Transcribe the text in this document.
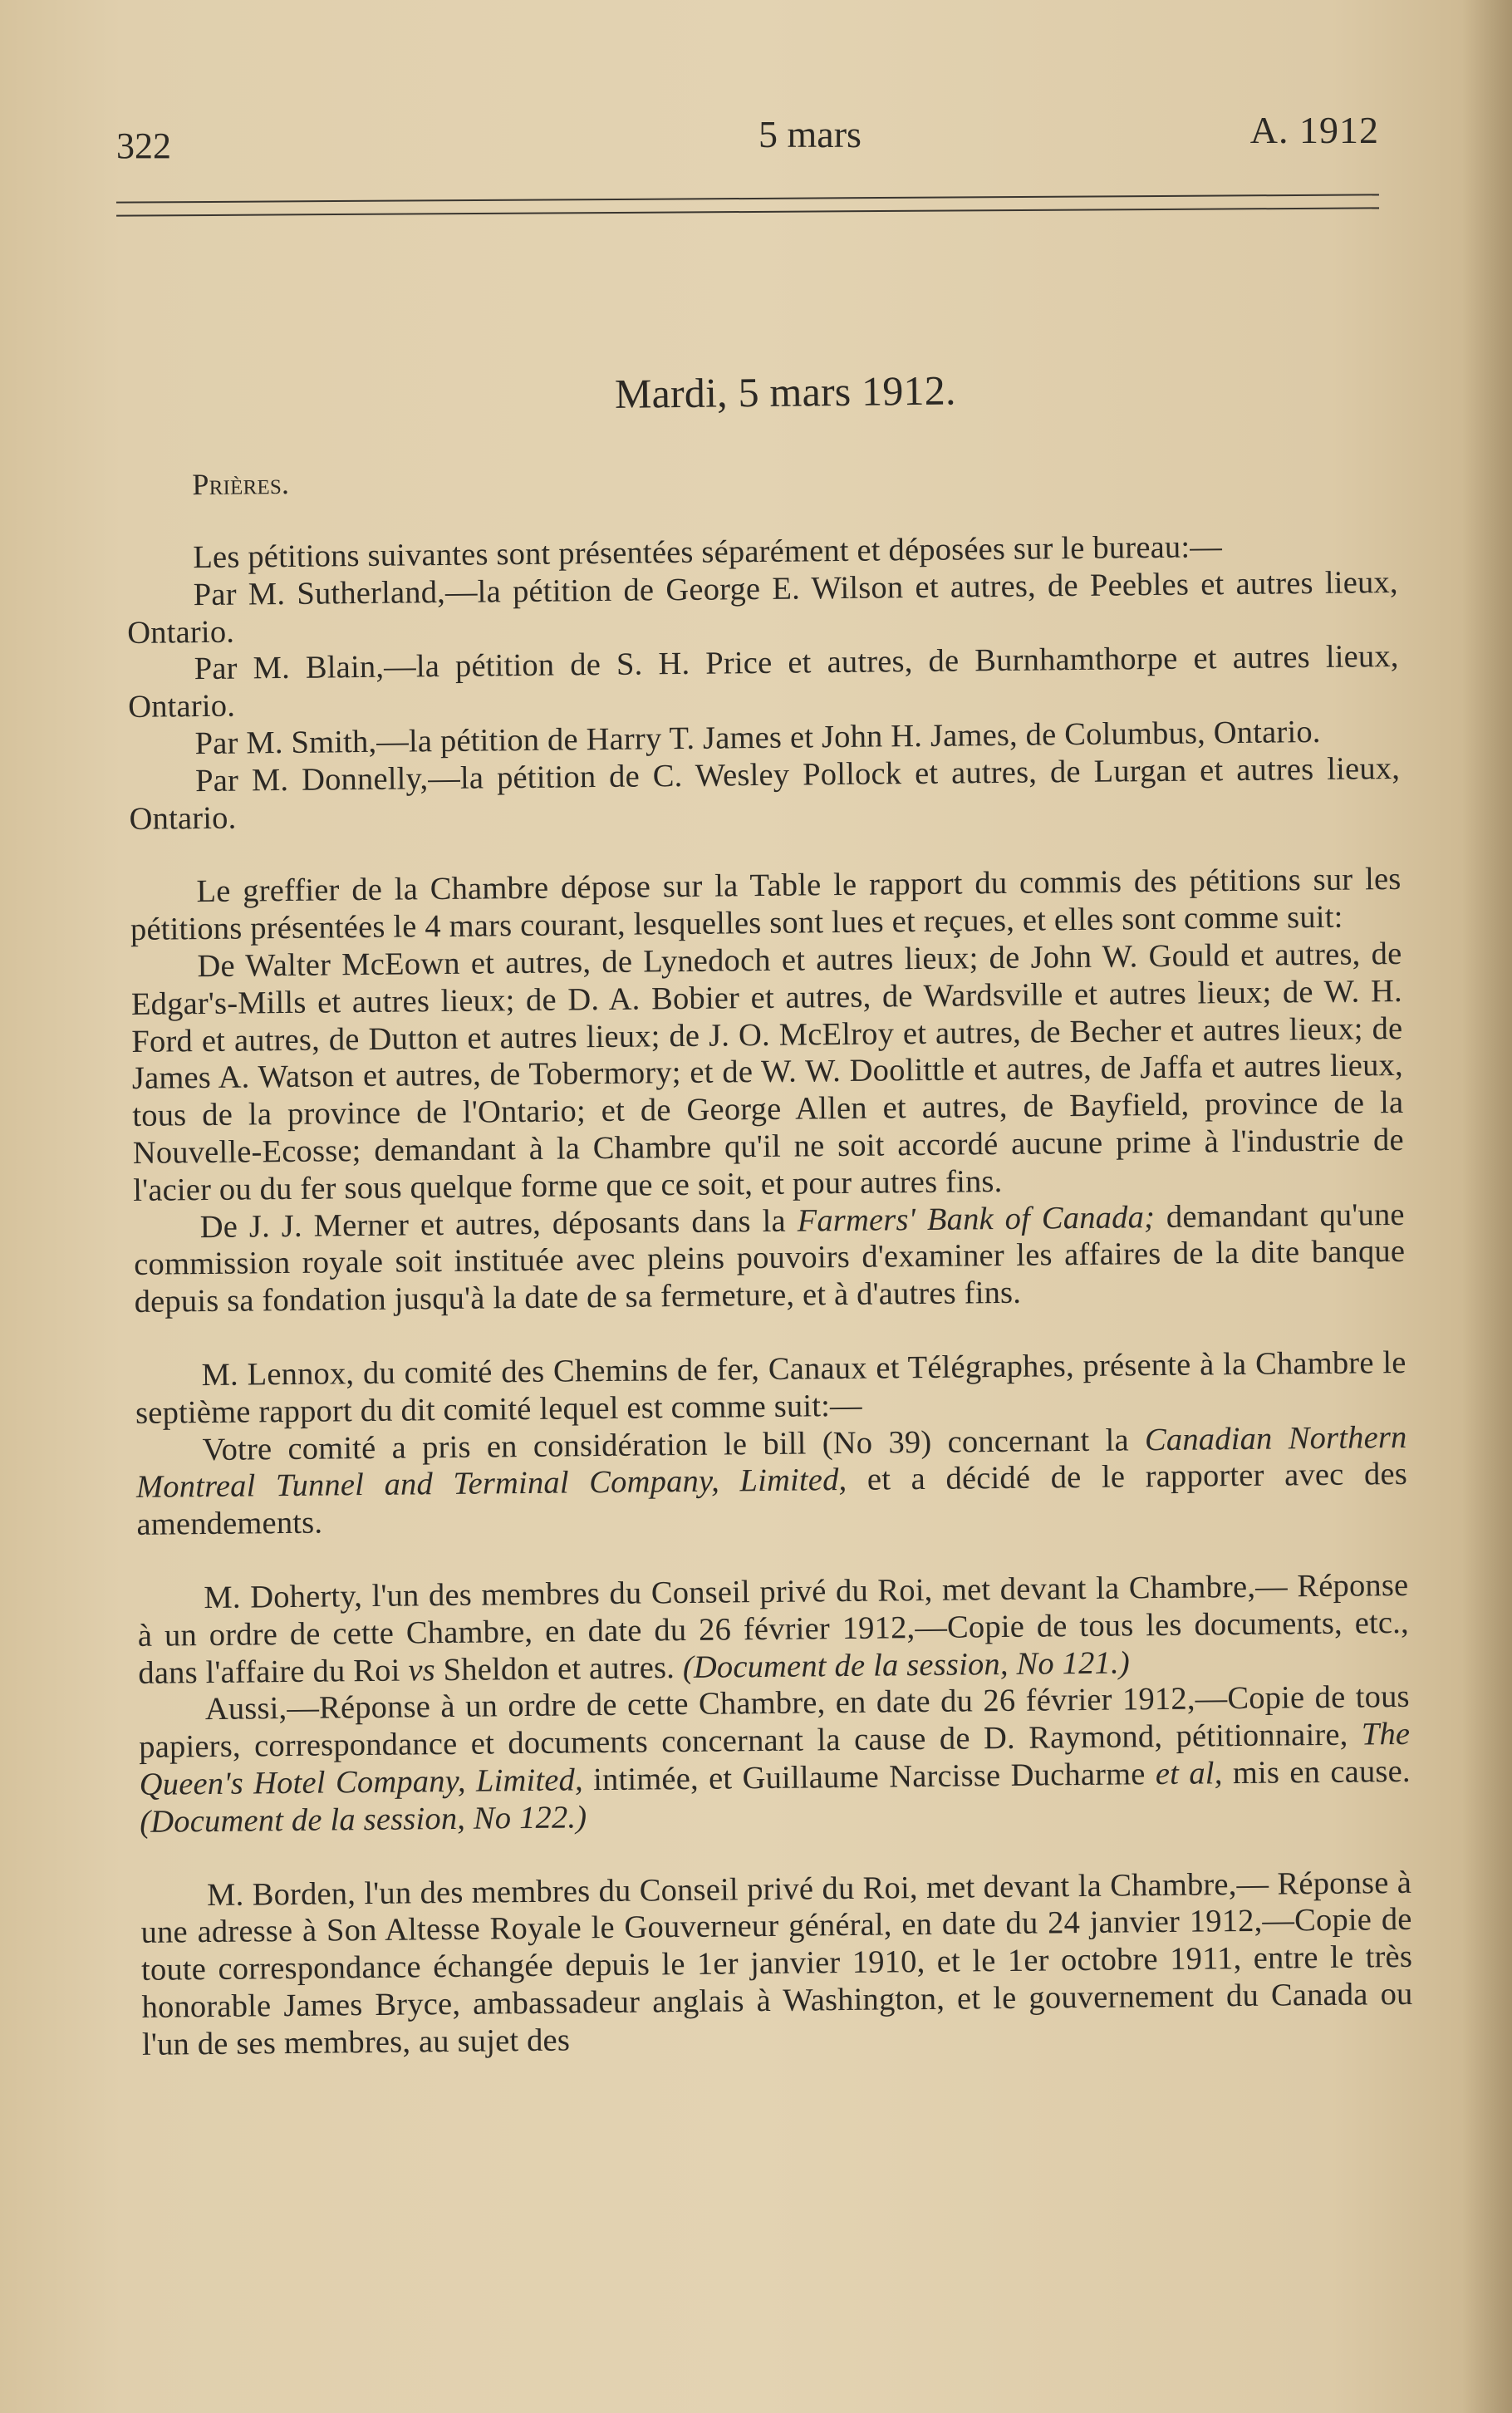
322	5 mars	A. 1912
Mardi, 5 mars 1912.
Prières.

Les pétitions suivantes sont présentées séparément et déposées sur le bureau:—

Par M. Sutherland,—la pétition de George E. Wilson et autres, de Peebles et autres lieux, Ontario.

Par M. Blain,—la pétition de S. H. Price et autres, de Burnhamthorpe et autres lieux, Ontario.

Par M. Smith,—la pétition de Harry T. James et John H. James, de Columbus, Ontario.

Par M. Donnelly,—la pétition de C. Wesley Pollock et autres, de Lurgan et autres lieux, Ontario.

Le greffier de la Chambre dépose sur la Table le rapport du commis des pétitions sur les pétitions présentées le 4 mars courant, lesquelles sont lues et reçues, et elles sont comme suit:

De Walter McEown et autres, de Lynedoch et autres lieux; de John W. Gould et autres, de Edgar's-Mills et autres lieux; de D. A. Bobier et autres, de Wardsville et autres lieux; de W. H. Ford et autres, de Dutton et autres lieux; de J. O. McElroy et autres, de Becher et autres lieux; de James A. Watson et autres, de Tobermory; et de W. W. Doolittle et autres, de Jaffa et autres lieux, tous de la province de l'Ontario; et de George Allen et autres, de Bayfield, province de la Nouvelle-Ecosse; demandant à la Chambre qu'il ne soit accordé aucune prime à l'industrie de l'acier ou du fer sous quelque forme que ce soit, et pour autres fins.

De J. J. Merner et autres, déposants dans la Farmers' Bank of Canada; demandant qu'une commission royale soit instituée avec pleins pouvoirs d'examiner les affaires de la dite banque depuis sa fondation jusqu'à la date de sa fermeture, et à d'autres fins.

M. Lennox, du comité des Chemins de fer, Canaux et Télégraphes, présente à la Chambre le septième rapport du dit comité lequel est comme suit:—

Votre comité a pris en considération le bill (No 39) concernant la Canadian Northern Montreal Tunnel and Terminal Company, Limited, et a décidé de le rapporter avec des amendements.

M. Doherty, l'un des membres du Conseil privé du Roi, met devant la Chambre,— Réponse à un ordre de cette Chambre, en date du 26 février 1912,—Copie de tous les documents, etc., dans l'affaire du Roi vs Sheldon et autres. (Document de la session, No 121.)

Aussi,—Réponse à un ordre de cette Chambre, en date du 26 février 1912,—Copie de tous papiers, correspondance et documents concernant la cause de D. Raymond, pétitionnaire, The Queen's Hotel Company, Limited, intimée, et Guillaume Narcisse Ducharme et al, mis en cause. (Document de la session, No 122.)

M. Borden, l'un des membres du Conseil privé du Roi, met devant la Chambre,— Réponse à une adresse à Son Altesse Royale le Gouverneur général, en date du 24 janvier 1912,—Copie de toute correspondance échangée depuis le 1er janvier 1910, et le 1er octobre 1911, entre le très honorable James Bryce, ambassadeur anglais à Washington, et le gouvernement du Canada ou l'un de ses membres, au sujet des
